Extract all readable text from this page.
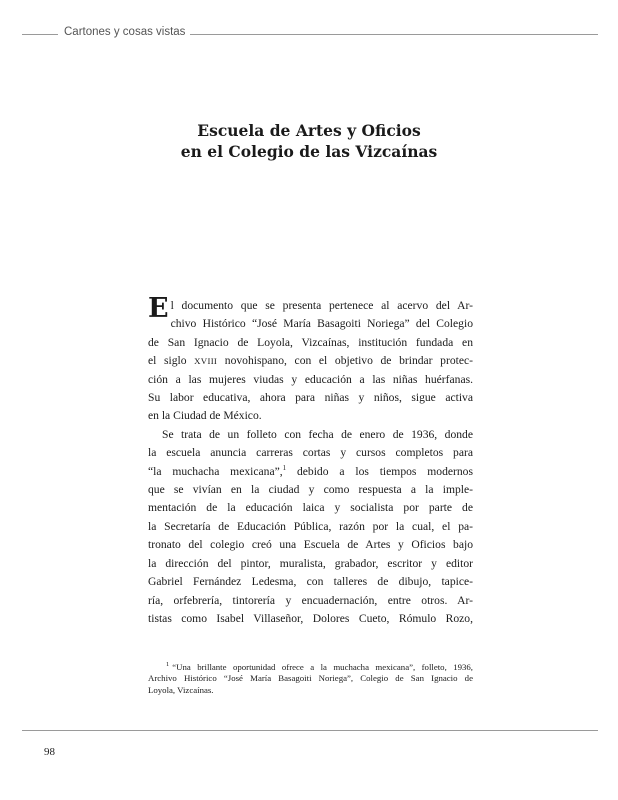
Cartones y cosas vistas
Escuela de Artes y Oficios
en el Colegio de las Vizcaínas
E l documento que se presenta pertenece al acervo del Ar-
chivo Histórico “José María Basagoiti Noriega” del Colegio
de San Ignacio de Loyola, Vizcaínas, institución fundada en
el siglo XVIII novohispano, con el objetivo de brindar protec-
ción a las mujeres viudas y educación a las niñas huérfanas.
Su labor educativa, ahora para niñas y niños, sigue activa
en la Ciudad de México.
Se trata de un folleto con fecha de enero de 1936, donde
la escuela anuncia carreras cortas y cursos completos para
“la muchacha mexicana”,$^1$ debido a los tiempos modernos
que se vivían en la ciudad y como respuesta a la imple-
mentación de la educación laica y socialista por parte de
la Secretaría de Educación Pública, razón por la cual, el pa-
tronato del colegio creó una Escuela de Artes y Oficios bajo
la dirección del pintor, muralista, grabador, escritor y editor
Gabriel Fernández Ledesma, con talleres de dibujo, tapice-
ría, orfebrería, tintorería y encuadernación, entre otros. Ar-
tistas como Isabel Villaseñor, Dolores Cueto, Rómulo Rozo,
$^1$ “Una brillante oportunidad ofrece a la muchacha mexicana”, folleto, 1936,
Archivo Histórico “José María Basagoiti Noriega”, Colegio de San Ignacio de
Loyola, Vizcaínas.
98
